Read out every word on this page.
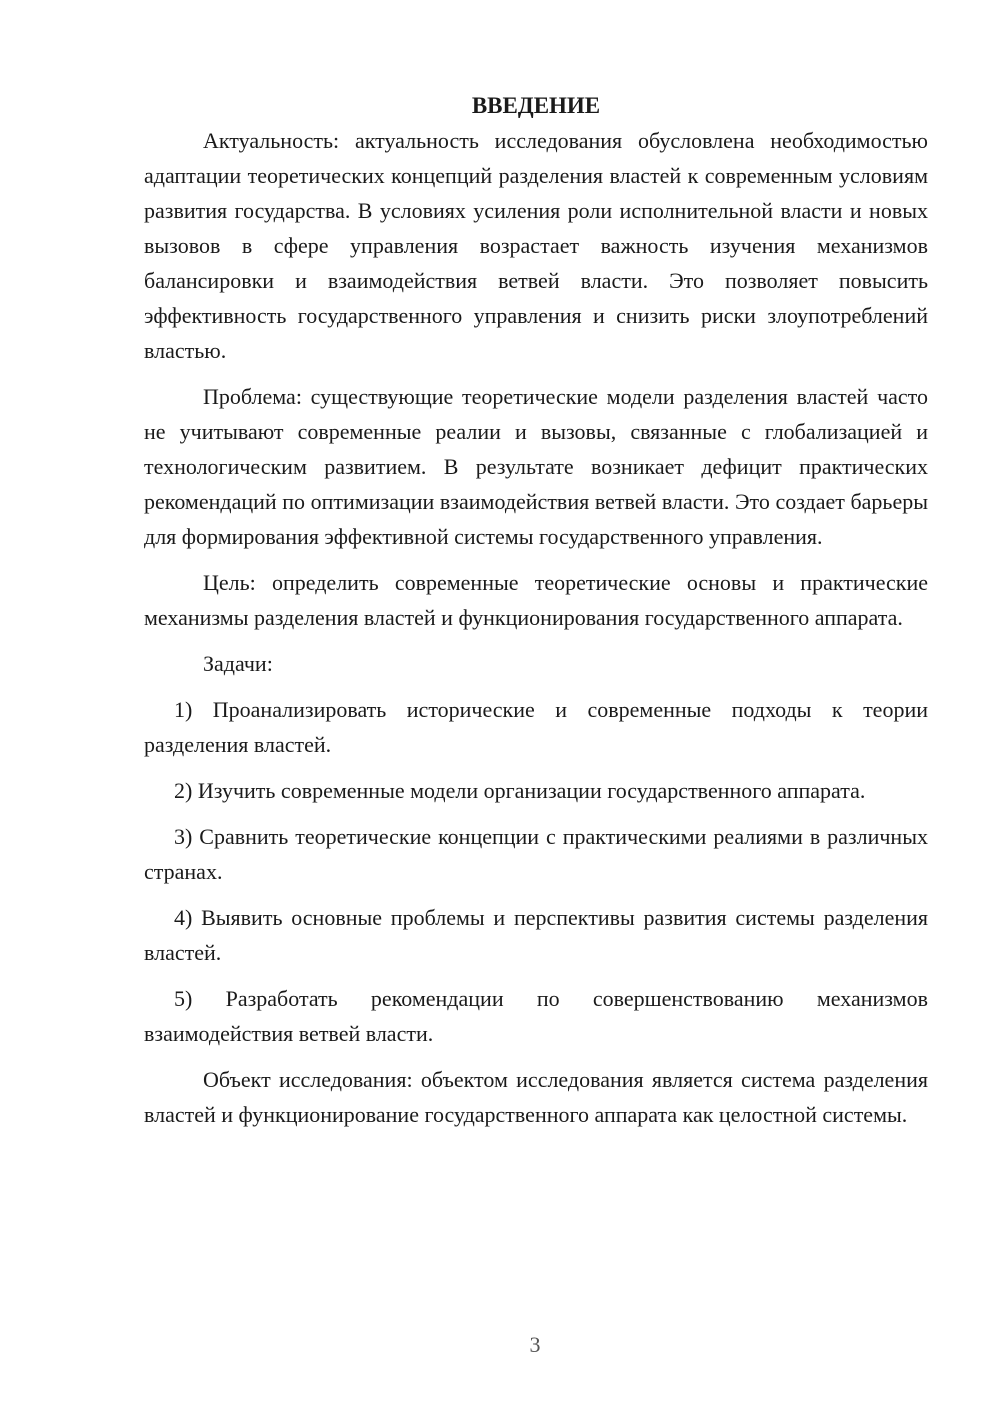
ВВЕДЕНИЕ

Актуальность: актуальность исследования обусловлена необходимостью адаптации теоретических концепций разделения властей к современным условиям развития государства. В условиях усиления роли исполнительной власти и новых вызовов в сфере управления возрастает важность изучения механизмов балансировки и взаимодействия ветвей власти. Это позволяет повысить эффективность государственного управления и снизить риски злоупотреблений властью.

Проблема: существующие теоретические модели разделения властей часто не учитывают современные реалии и вызовы, связанные с глобализацией и технологическим развитием. В результате возникает дефицит практических рекомендаций по оптимизации взаимодействия ветвей власти. Это создает барьеры для формирования эффективной системы государственного управления.

Цель: определить современные теоретические основы и практические механизмы разделения властей и функционирования государственного аппарата.

Задачи:

1) Проанализировать исторические и современные подходы к теории разделения властей.

2) Изучить современные модели организации государственного аппарата.

3) Сравнить теоретические концепции с практическими реалиями в различных странах.

4) Выявить основные проблемы и перспективы развития системы разделения властей.

5) Разработать рекомендации по совершенствованию механизмов взаимодействия ветвей власти.

Объект исследования: объектом исследования является система разделения властей и функционирование государственного аппарата как целостной системы.

3
